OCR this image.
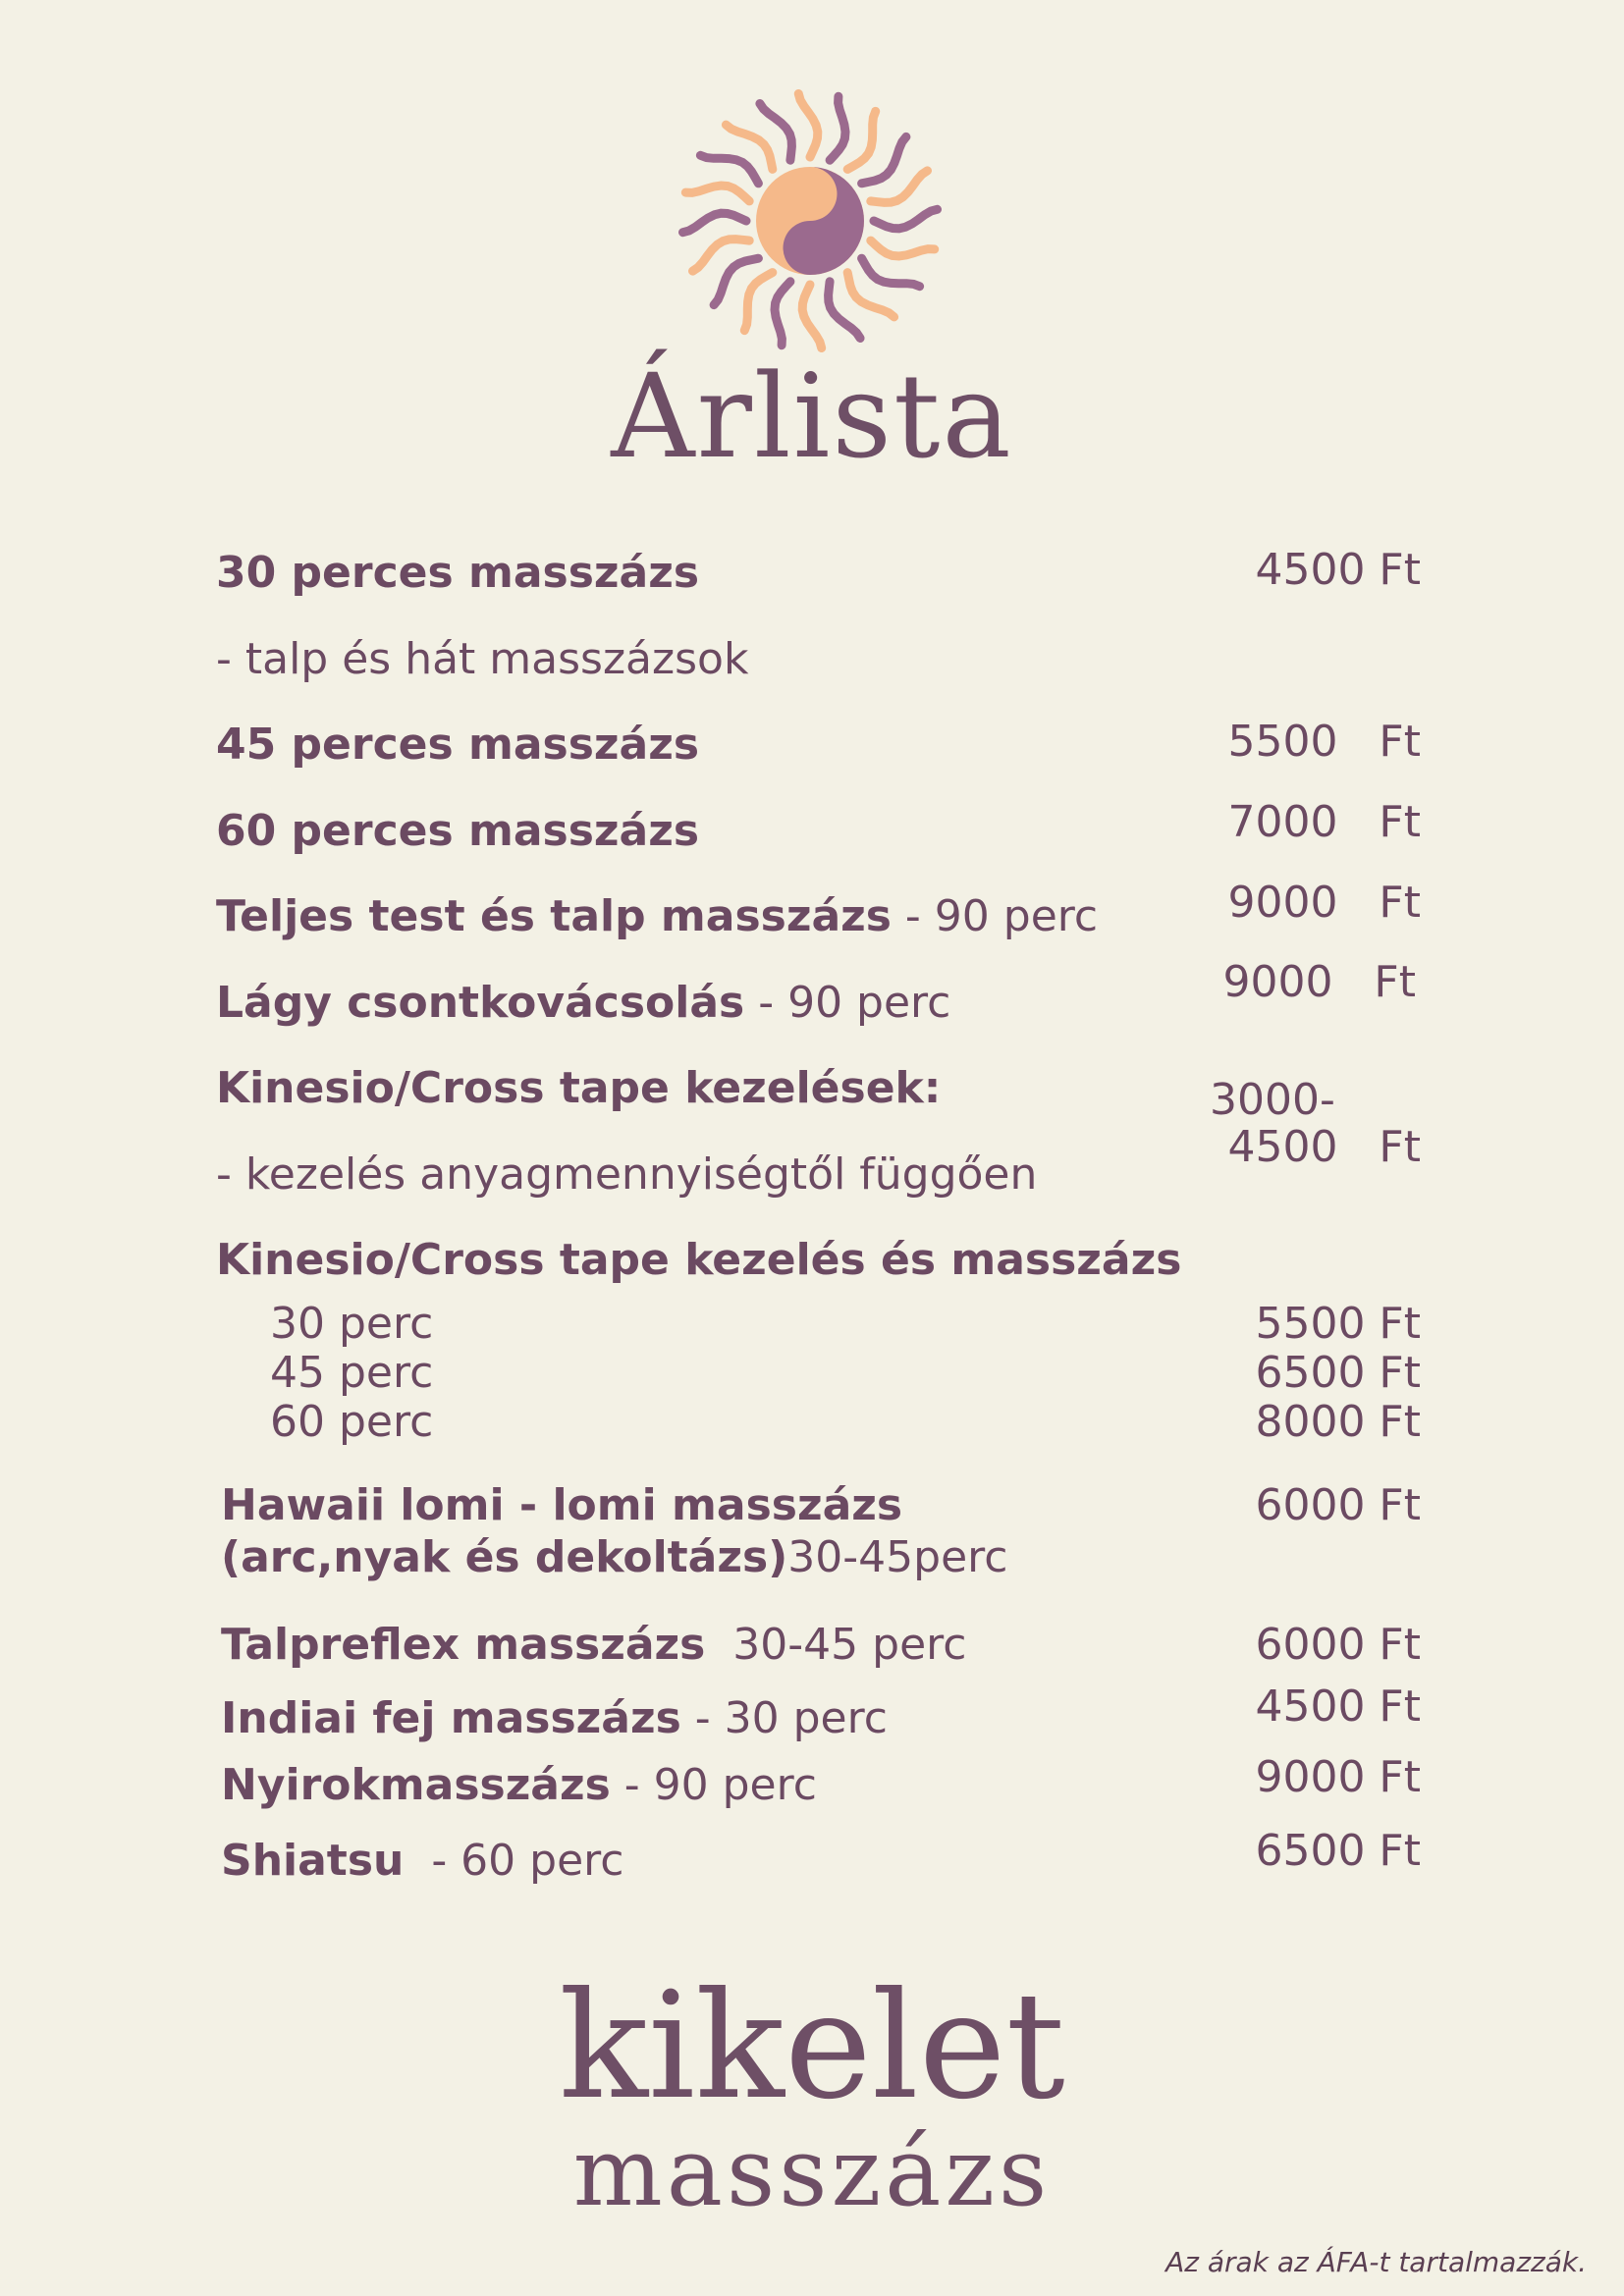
Árlista
30 perces masszázs	4500 Ft
- talp és hát masszázsok
45 perces masszázs	5500   Ft
60 perces masszázs	7000   Ft
Teljes test és talp masszázs - 90 perc	9000   Ft
Lágy csontkovácsolás - 90 perc	9000   Ft
Kinesio/Cross tape kezelések:	3000-
4500   Ft
- kezelés anyagmennyiségtől függően
Kinesio/Cross tape kezelés és masszázs
30 perc	5500 Ft
45 perc	6500 Ft
60 perc	8000 Ft
Hawaii lomi - lomi masszázs	6000 Ft
(arc,nyak és dekoltázs)30-45perc
Talpreflex masszázs  30-45 perc	6000 Ft
Indiai fej masszázs - 30 perc	4500 Ft
Nyirokmasszázs - 90 perc	9000 Ft
Shiatsu  - 60 perc	6500 Ft
kikelet
masszázs
Az árak az ÁFA-t tartalmazzák.
